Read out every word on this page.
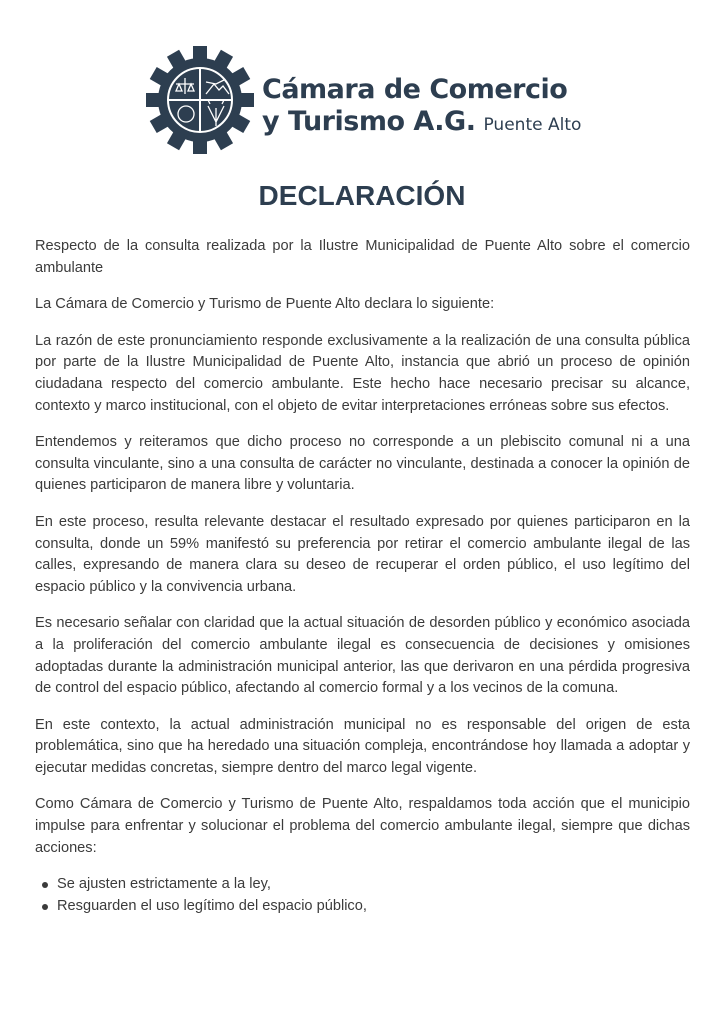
Cámara de Comercio
y Turismo A.G. Puente Alto
DECLARACIÓN

Respecto de la consulta realizada por la Ilustre Municipalidad de Puente Alto sobre el comercio ambulante

La Cámara de Comercio y Turismo de Puente Alto declara lo siguiente:

La razón de este pronunciamiento responde exclusivamente a la realización de una consulta pública por parte de la Ilustre Municipalidad de Puente Alto, instancia que abrió un proceso de opinión ciudadana respecto del comercio ambulante. Este hecho hace necesario precisar su alcance, contexto y marco institucional, con el objeto de evitar interpretaciones erróneas sobre sus efectos.

Entendemos y reiteramos que dicho proceso no corresponde a un plebiscito comunal ni a una consulta vinculante, sino a una consulta de carácter no vinculante, destinada a conocer la opinión de quienes participaron de manera libre y voluntaria.

En este proceso, resulta relevante destacar el resultado expresado por quienes participaron en la consulta, donde un 59% manifestó su preferencia por retirar el comercio ambulante ilegal de las calles, expresando de manera clara su deseo de recuperar el orden público, el uso legítimo del espacio público y la convivencia urbana.

Es necesario señalar con claridad que la actual situación de desorden público y económico asociada a la proliferación del comercio ambulante ilegal es consecuencia de decisiones y omisiones adoptadas durante la administración municipal anterior, las que derivaron en una pérdida progresiva de control del espacio público, afectando al comercio formal y a los vecinos de la comuna.

En este contexto, la actual administración municipal no es responsable del origen de esta problemática, sino que ha heredado una situación compleja, encontrándose hoy llamada a adoptar y ejecutar medidas concretas, siempre dentro del marco legal vigente.

Como Cámara de Comercio y Turismo de Puente Alto, respaldamos toda acción que el municipio impulse para enfrentar y solucionar el problema del comercio ambulante ilegal, siempre que dichas acciones:

Se ajusten estrictamente a la ley,
Resguarden el uso legítimo del espacio público,
